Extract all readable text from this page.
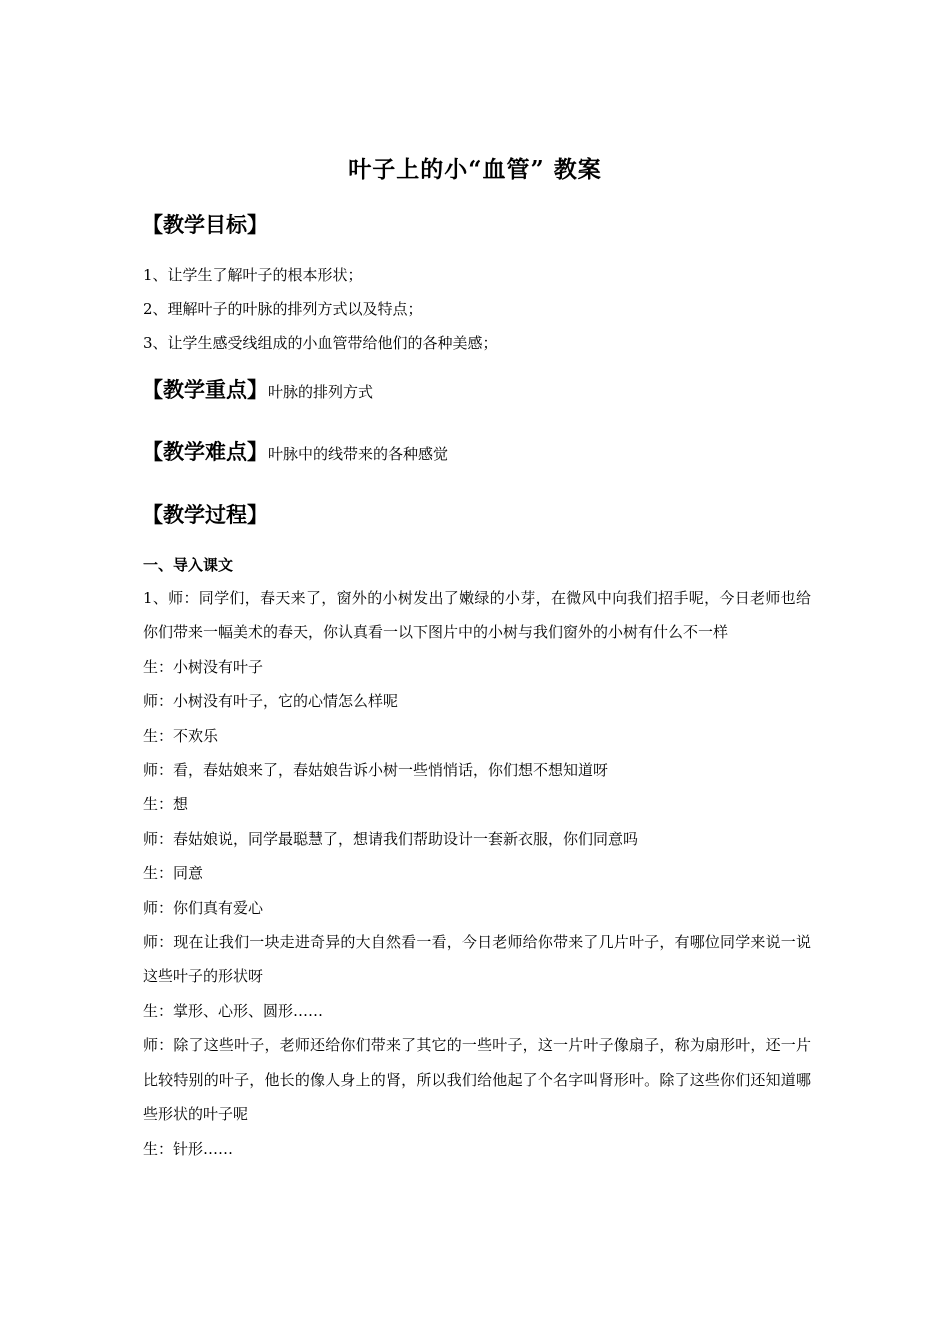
叶子上的小“血管” 教案
【教学目标】
1、让学生了解叶子的根本形状；
2、理解叶子的叶脉的排列方式以及特点；
3、让学生感受线组成的小血管带给他们的各种美感；
【教学重点】叶脉的排列方式
【教学难点】叶脉中的线带来的各种感觉
【教学过程】
一、导入课文

1、师：同学们，春天来了，窗外的小树发出了嫩绿的小芽，在微风中向我们招手呢，今日老师也给你们带来一幅美术的春天，你认真看一以下图片中的小树与我们窗外的小树有什么不一样

生：小树没有叶子

师：小树没有叶子，它的心情怎么样呢

生：不欢乐

师：看，春姑娘来了，春姑娘告诉小树一些悄悄话，你们想不想知道呀

生：想

师：春姑娘说，同学最聪慧了，想请我们帮助设计一套新衣服，你们同意吗

生：同意

师：你们真有爱心

师：现在让我们一块走进奇异的大自然看一看，今日老师给你带来了几片叶子，有哪位同学来说一说这些叶子的形状呀

生：掌形、心形、圆形……

师：除了这些叶子，老师还给你们带来了其它的一些叶子，这一片叶子像扇子，称为扇形叶，还一片比较特别的叶子，他长的像人身上的肾，所以我们给他起了个名字叫肾形叶。除了这些你们还知道哪些形状的叶子呢

生：针形……
